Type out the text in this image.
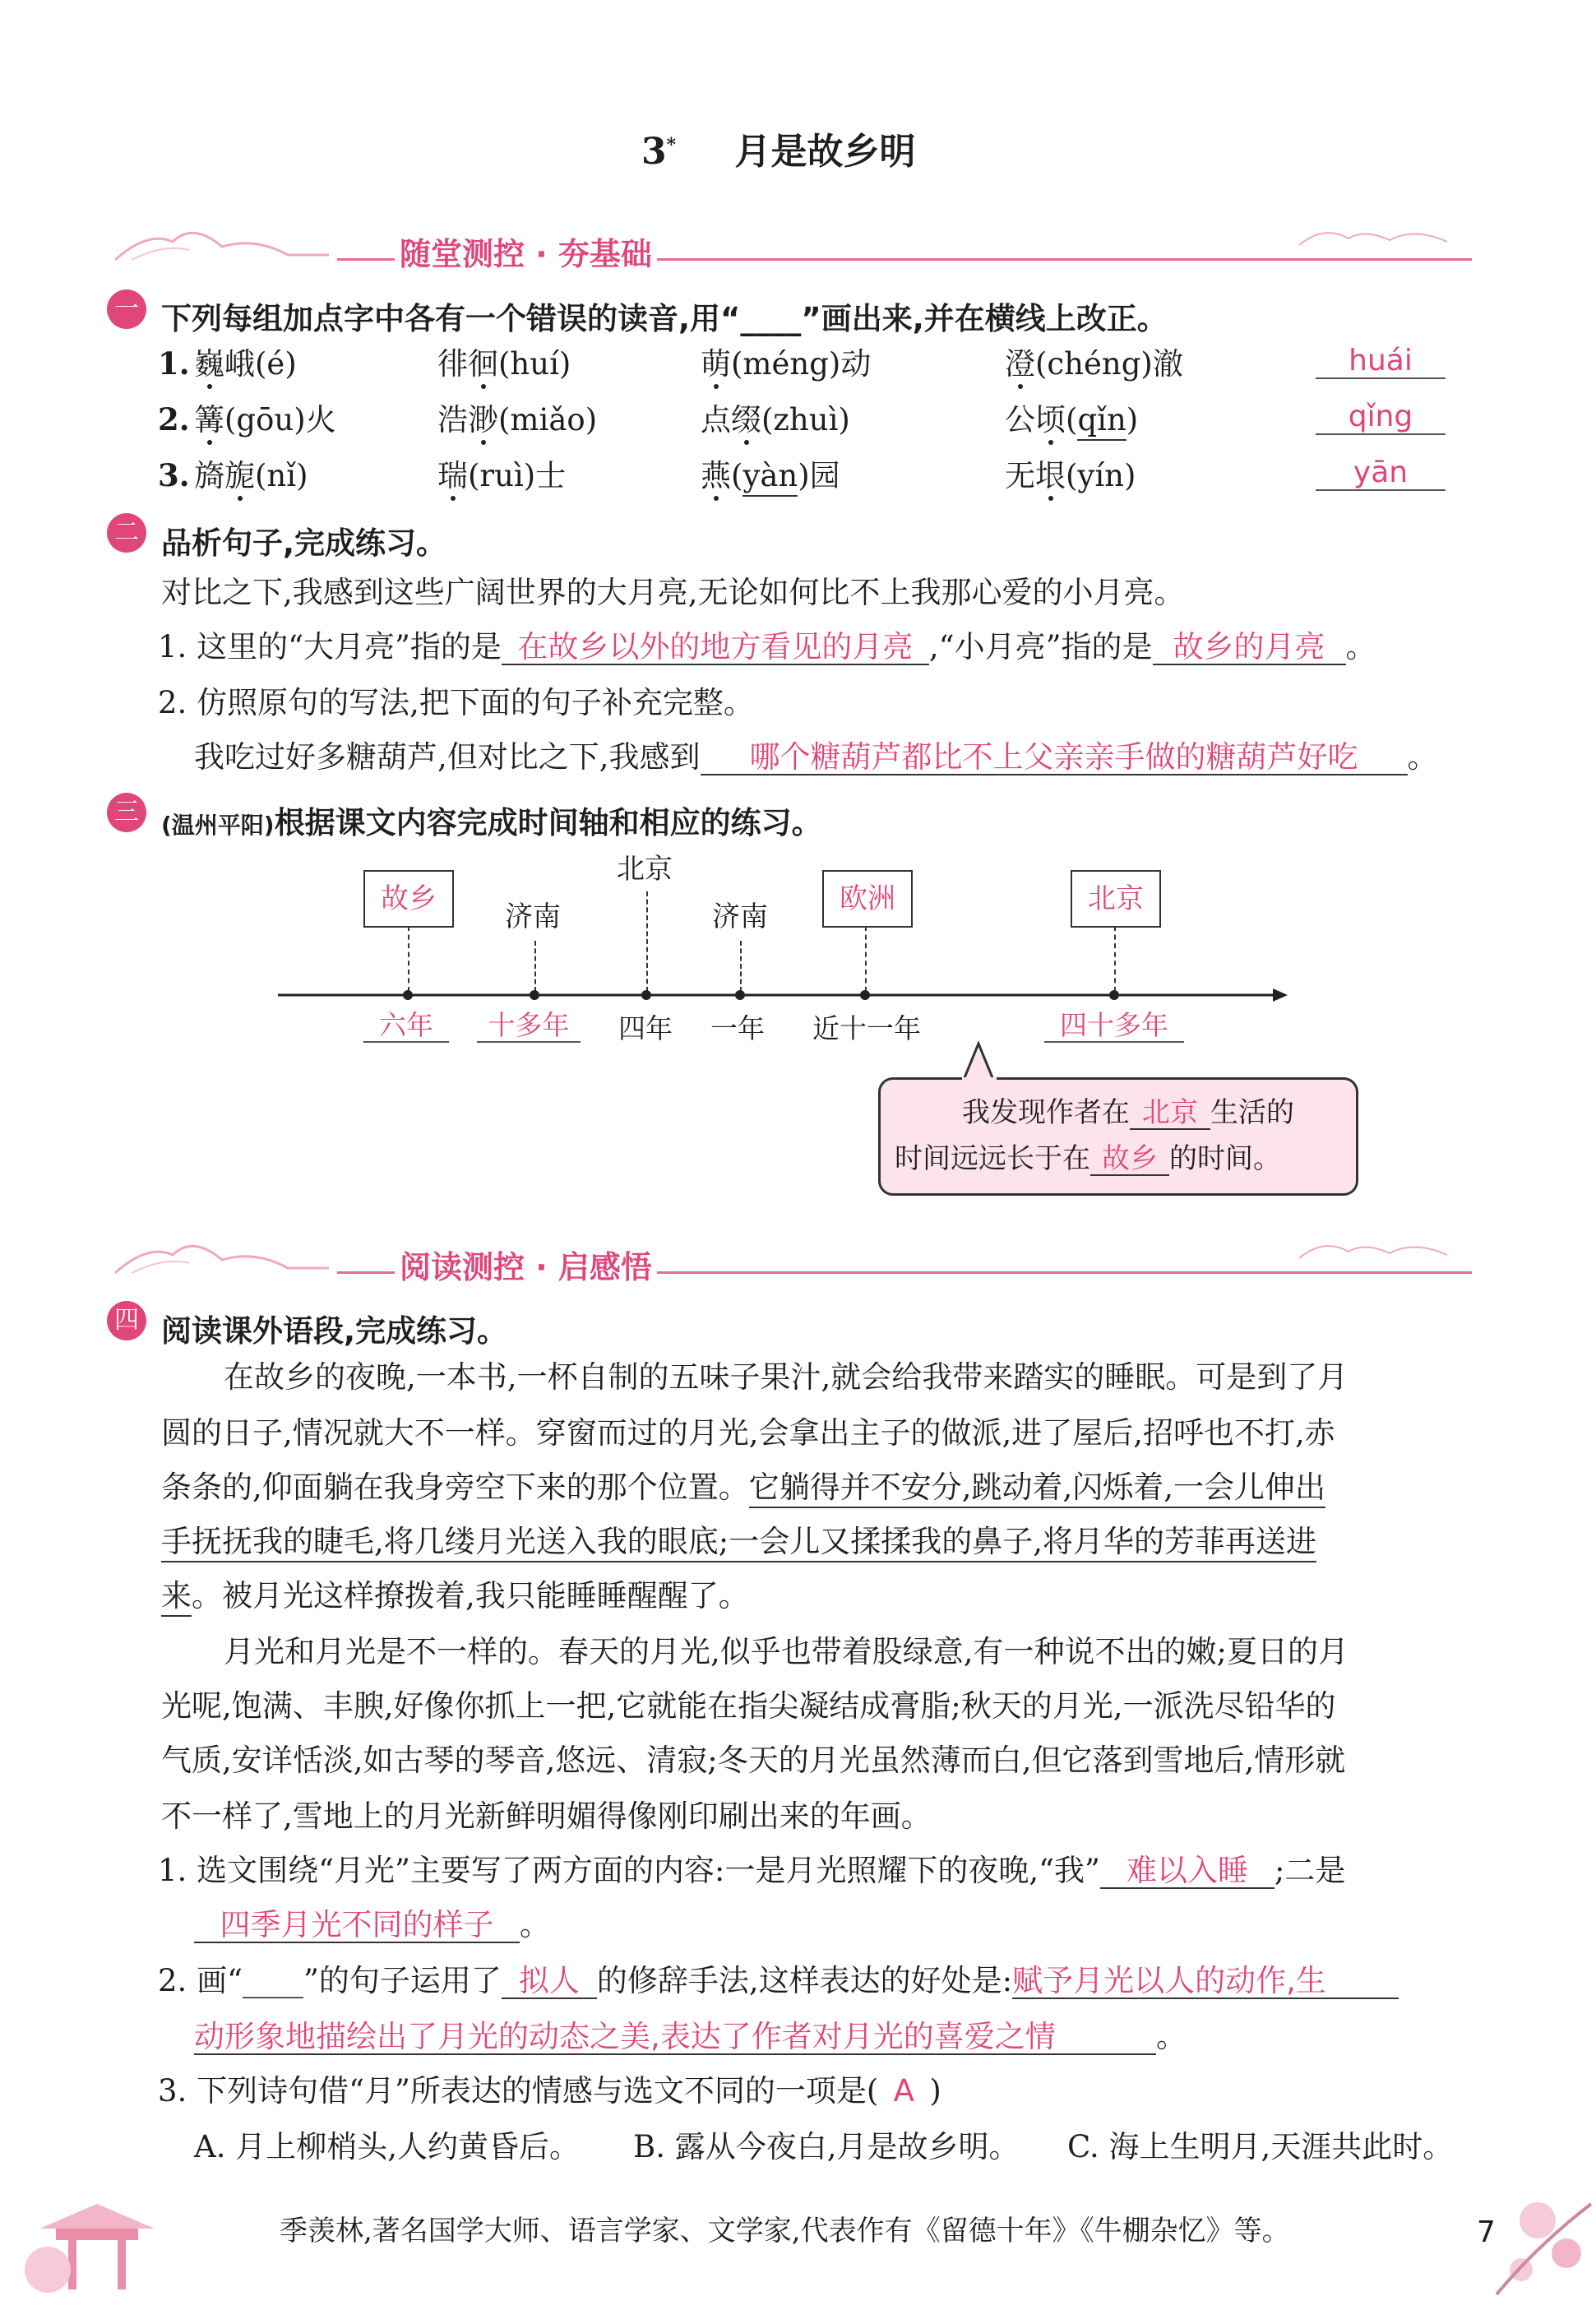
3* 月是故乡明
随堂测控 · 夯基础
一 下列每组加点字中各有一个错误的读音,用“____”画出来,并在横线上改正。
1. 巍峨(é)	徘徊(huí)	萌(méng)动	澄(chéng)澈	huái
2. 篝(gōu)火	浩渺(miǎo)	点缀(zhuì)	公顷(qǐn)	qǐng
3. 旖旎(nǐ)	瑞(ruì)士	燕(yàn)园	无垠(yín)	yān
二 品析句子,完成练习。
对比之下,我感到这些广阔世界的大月亮,无论如何比不上我那心爱的小月亮。
1. 这里的“大月亮”指的是 在故乡以外的地方看见的月亮 ,“小月亮”指的是 故乡的月亮 。
2. 仿照原句的写法,把下面的句子补充完整。
我吃过好多糖葫芦,但对比之下,我感到 哪个糖葫芦都比不上父亲亲手做的糖葫芦好吃 。
三 (温州平阳)根据课文内容完成时间轴和相应的练习。
故乡
济南
北京
济南
欧洲	北京
六年	十多年	四年 一年 近十一年	四十多年
我发现作者在 北京 生活的
时间远远长于在 故乡 的时间。
阅读测控 · 启感悟
四 阅读课外语段,完成练习。
在故乡的夜晚,一本书,一杯自制的五味子果汁,就会给我带来踏实的睡眠。可是到了月
圆的日子,情况就大不一样。穿窗而过的月光,会拿出主子的做派,进了屋后,招呼也不打,赤
条条的,仰面躺在我身旁空下来的那个位置。它躺得并不安分,跳动着,闪烁着,一会儿伸出
手抚抚我的睫毛,将几缕月光送入我的眼底;一会儿又揉揉我的鼻子,将月华的芳菲再送进
来。被月光这样撩拨着,我只能睡睡醒醒了。
月光和月光是不一样的。春天的月光,似乎也带着股绿意,有一种说不出的嫩;夏日的月
光呢,饱满、丰腴,好像你抓上一把,它就能在指尖凝结成膏脂;秋天的月光,一派洗尽铅华的
气质,安详恬淡,如古琴的琴音,悠远、清寂;冬天的月光虽然薄而白,但它落到雪地后,情形就
不一样了,雪地上的月光新鲜明媚得像刚印刷出来的年画。
1. 选文围绕“月光”主要写了两方面的内容:一是月光照耀下的夜晚,“我” 难以入睡 ;二是
四季月光不同的样子 。
2. 画“____”的句子运用了 拟人 的修辞手法,这样表达的好处是:赋予月光以人的动作,生
动形象地描绘出了月光的动态之美,表达了作者对月光的喜爱之情	。
3. 下列诗句借“月”所表达的情感与选文不同的一项是( A )
A. 月上柳梢头,人约黄昏后。 B. 露从今夜白,月是故乡明。 C. 海上生明月,天涯共此时。
季羡林,著名国学大师、语言学家、文学家,代表作有《留德十年》《牛棚杂忆》等。	7
